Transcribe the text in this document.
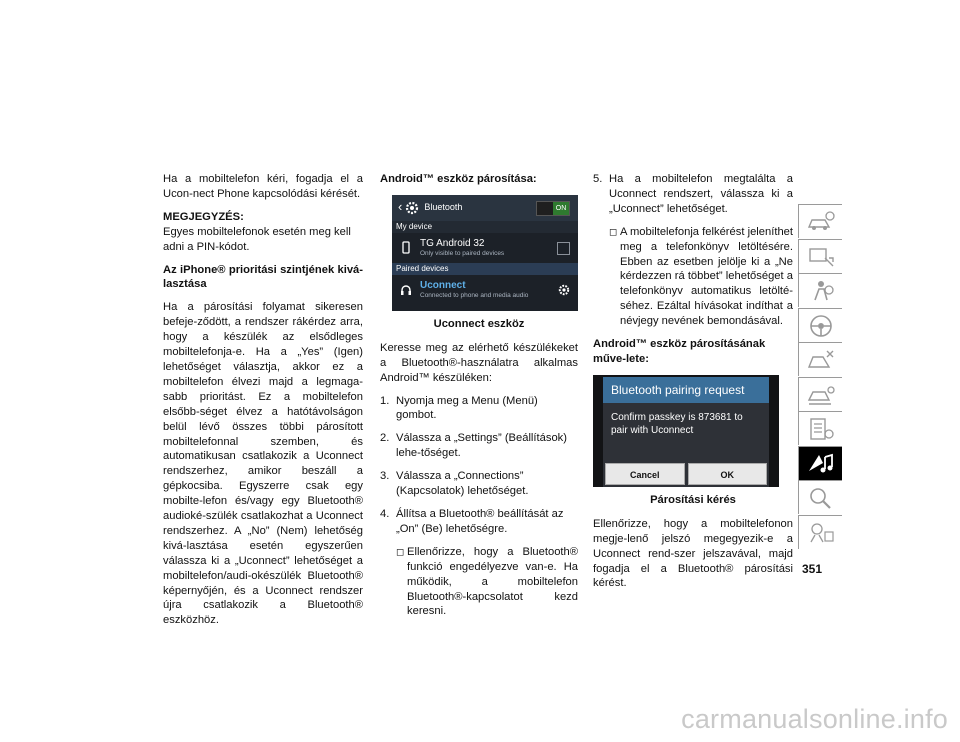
Ha a mobiltelefon kéri, fogadja el a Ucon-nect Phone kapcsolódási kérését.

MEGJEGYZÉS:

Egyes mobiltelefonok esetén meg kell adni a PIN-kódot.

Az iPhone® prioritási szintjének kivá-lasztása

Ha a párosítási folyamat sikeresen befeje-ződött, a rendszer rákérdez arra, hogy a készülék az elsődleges mobiltelefonja-e. Ha a „Yes” (Igen) lehetőséget választja, akkor ez a mobiltelefon élvezi majd a legmaga-sabb prioritást. Ez a mobiltelefon elsőbb-séget élvez a hatótávolságon belül lévő összes többi párosított mobiltelefonnal szemben, és automatikusan csatlakozik a Uconnect rendszerhez, amikor beszáll a gépkocsiba. Egyszerre csak egy mobilte-lefon és/vagy egy Bluetooth® audioké-szülék csatlakozhat a Uconnect rendszerhez. A „No” (Nem) lehetőség kivá-lasztása esetén egyszerűen válassza ki a „Uconnect” lehetőséget a mobiltelefon/audi-okészülék Bluetooth® képernyőjén, és a Uconnect rendszer újra csatlakozik a Bluetooth® eszközhöz.

Android™ eszköz párosítása:

‹ Bluetooth	ON
My device
TG Android 32
Only visible to paired devices
Paired devices
Uconnect
Connected to phone and media audio
Uconnect eszköz

Keresse meg az elérhető készülékeket a Bluetooth®-használatra alkalmas Android™ készüléken:

1. Nyomja meg a Menu (Menü) gombot.
2. Válassza a „Settings” (Beállítások) lehe-tőséget.
3. Válassza a „Connections” (Kapcsolatok) lehetőséget.
4. Állítsa a Bluetooth® beállítását az „On” (Be) lehetőségre.
◻ Ellenőrizze, hogy a Bluetooth® funkció engedélyezve van-e. Ha működik, a mobiltelefon Bluetooth®-kapcsolatot kezd keresni.
5. Ha a mobiltelefon megtalálta a Uconnect rendszert, válassza ki a „Uconnect” lehetőséget.
◻ A mobiltelefonja felkérést jeleníthet meg a telefonkönyv letöltésére. Ebben az esetben jelölje ki a „Ne kérdezzen rá többet” lehetőséget a telefonkönyv automatikus letölté-séhez. Ezáltal hívásokat indíthat a névjegy nevének bemondásával.

Android™ eszköz párosításának műve-lete:

Bluetooth pairing request
Confirm passkey is 873681 to pair with Uconnect
Cancel	OK
Párosítási kérés

Ellenőrizze, hogy a mobiltelefonon megje-lenő jelszó megegyezik-e a Uconnect rend-szer jelszavával, majd fogadja el a Bluetooth® párosítási kérést.

351
carmanualsonline.info
